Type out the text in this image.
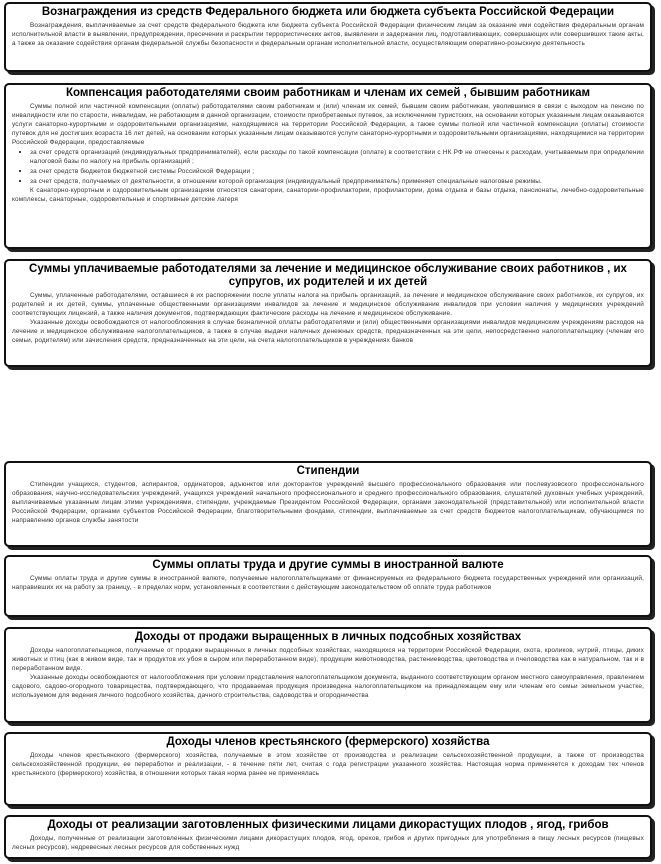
Вознаграждения из средств Федерального бюджета или бюджета субъекта Российской Федерации

Вознаграждения, выплачиваемые за счет средств федерального бюджета или бюджета субъекта Российской Федерации физическим лицам за оказание ими содействия федеральным органам исполнительной власти в выявлении, предупреждении, пресечении и раскрытии террористических актов, выявлении и задержании лиц, подготавливающих, совершающих или совершивших такие акты, а также за оказание содействия органам федеральной службы безопасности и федеральным органам исполнительной власти, осуществляющим оперативно-розыскную деятельность

Компенсация работодателями своим работникам и членам их семей , бывшим работникам

Суммы полной или частичной компенсации (оплаты) работодателями своим работникам и (или) членам их семей, бывшим своим работникам, уволившимся в связи с выходом на пенсию по инвалидности или по старости, инвалидам, не работающим в данной организации, стоимости приобретаемых путевок, за исключением туристских, на основании которых указанным лицам оказываются услуги санаторно-курортными и оздоровительными организациями, находящимися на территории Российской Федерации, а также суммы полной или частичной компенсации (оплаты) стоимости путевок для не достигших возраста 16 лет детей, на основании которых указанным лицам оказываются услуги санаторно-курортными и оздоровительными организациями, находящимися на территории Российской Федерации, предоставляемые

• за счет средств организаций (индивидуальных предпринимателей), если расходы по такой компенсации (оплате) в соответствии с НК РФ не отнесены к расходам, учитываемым при определении налоговой базы по налогу на прибыль организаций ;
• за счет средств бюджетов бюджетной системы Российской Федерации ;
• за счет средств, получаемых от деятельности, в отношении которой организация (индивидуальный предприниматель) применяет специальные налоговые режимы.

К санаторно-курортным и оздоровительным организациям относятся санатории, санатории-профилактории, профилактории, дома отдыха и базы отдыха, пансионаты, лечебно-оздоровительные комплексы, санаторные, оздоровительные и спортивные детские лагеря

Суммы уплачиваемые работодателями за лечение и медицинское обслуживание своих работников , их супругов, их родителей и их детей

Суммы, уплаченные работодателями, оставшиеся в их распоряжении после уплаты налога на прибыль организаций, за лечение и медицинское обслуживание своих работников, их супругов, их родителей и их детей, суммы, уплаченные общественными организациями инвалидов за лечение и медицинское обслуживание инвалидов при условии наличия у медицинских учреждений соответствующих лицензий, а также наличия документов, подтверждающих фактические расходы на лечение и медицинское обслуживание.

Указанные доходы освобождаются от налогообложения в случае безналичной оплаты работодателями и (или) общественными организациями инвалидов медицинским учреждениям расходов на лечение и медицинское обслуживание налогоплательщиков, а также в случае выдачи наличных денежных средств, предназначенных на эти цели, непосредственно налогоплательщику (членам его семьи, родителям) или зачисления средств, предназначенных на эти цели, на счета налогоплательщиков в учреждениях банков

Стипендии

Стипендии учащихся, студентов, аспирантов, ординаторов, адъюнктов или докторантов учреждений высшего профессионального образования или послевузовского профессионального образования, научно-исследовательских учреждений, учащихся учреждений начального профессионального и среднего профессионального образования, слушателей духовных учебных учреждений, выплачиваемые указанным лицам этими учреждениями, стипендии, учреждаемые Президентом Российской Федерации, органами законодательной (представительной) или исполнительной власти Российской Федерации, органами субъектов Российской Федерации, благотворительными фондами, стипендии, выплачиваемые за счет средств бюджетов налогоплательщикам, обучающимся по направлению органов службы занятости

Суммы оплаты труда и другие суммы в иностранной валюте

Суммы оплаты труда и другие суммы в иностранной валюте, получаемые налогоплательщиками от финансируемых из федерального бюджета государственных учреждений или организаций, направивших их на работу за границу, - в пределах норм, установленных в соответствии с действующим законодательством об оплате труда работников

Доходы от продажи выращенных в личных подсобных хозяйствах

Доходы налогоплательщиков, получаемые от продажи выращенных в личных подсобных хозяйствах, находящихся на территории Российской Федерации, скота, кроликов, нутрий, птицы, диких животных и птиц (как в живом виде, так и продуктов их убоя в сыром или переработанном виде), продукции животноводства, растениеводства, цветоводства и пчеловодства как в натуральном, так и в переработанном виде.

Указанные доходы освобождаются от налогообложения при условии представления налогоплательщиком документа, выданного соответствующим органом местного самоуправления, правлением садового, садово-огородного товарищества, подтверждающего, что продаваемая продукция произведена налогоплательщиком на принадлежащем ему или членам его семьи земельном участке, используемом для ведения личного подсобного хозяйства, дачного строительства, садоводства и огородничества

Доходы членов крестьянского (фермерского) хозяйства

Доходы членов крестьянского (фермерского) хозяйства, получаемые в этом хозяйстве от производства и реализации сельскохозяйственной продукции, а также от производства сельскохозяйственной продукции, ее переработки и реализации, - в течение пяти лет, считая с года регистрации указанного хозяйства. Настоящая норма применяется к доходам тех членов крестьянского (фермерского) хозяйства, в отношении которых такая норма ранее не применялась

Доходы от реализации заготовленных физическими лицами дикорастущих плодов , ягод, грибов

Доходы, полученные от реализации заготовленных физическими лицами дикорастущих плодов, ягод, орехов, грибов и других пригодных для употребления в пищу лесных ресурсов (пищевых лесных ресурсов), недревесных лесных ресурсов для собственных нужд
